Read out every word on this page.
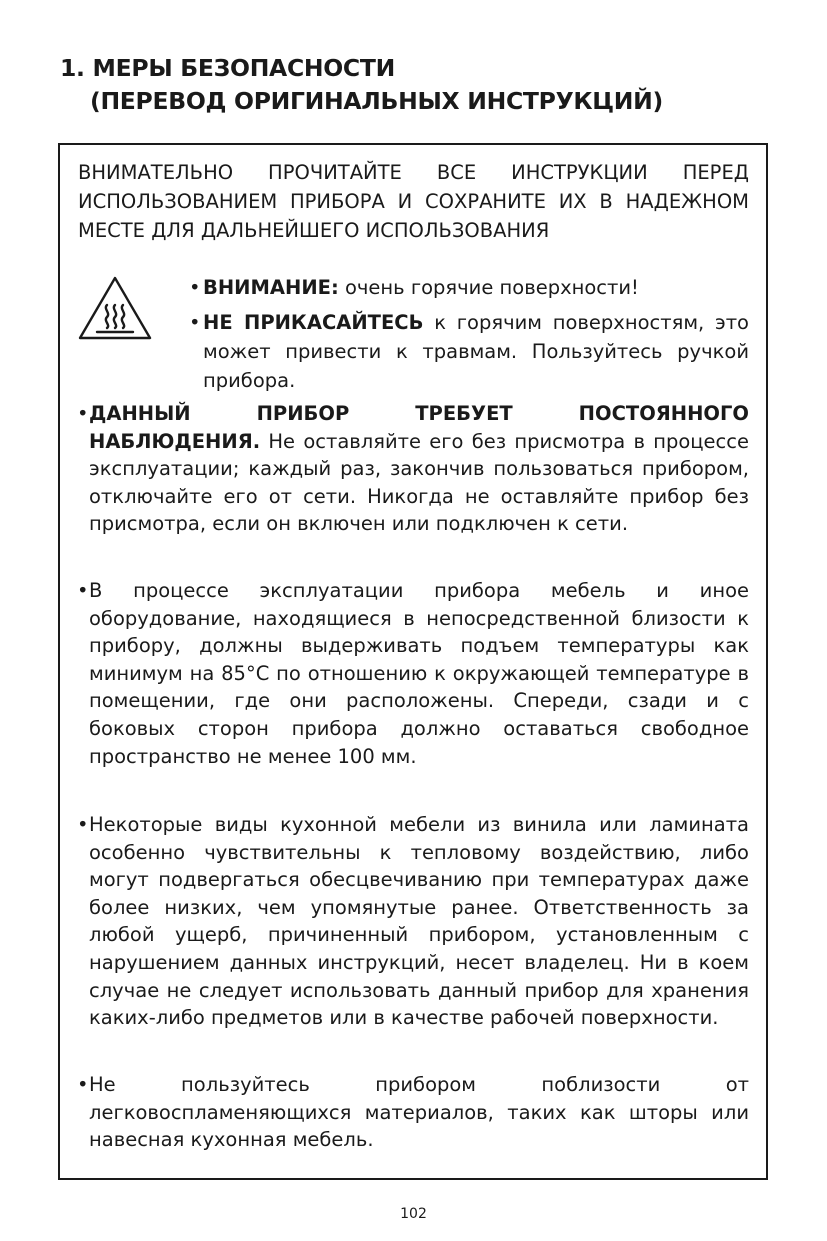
1. МЕРЫ БЕЗОПАСНОСТИ
(ПЕРЕВОД ОРИГИНАЛЬНЫХ ИНСТРУКЦИЙ)
ВНИМАТЕЛЬНО ПРОЧИТАЙТЕ ВСЕ ИНСТРУКЦИИ ПЕРЕД ИСПОЛЬЗОВАНИЕМ ПРИБОРА И СОХРАНИТЕ ИХ В НАДЕЖНОМ МЕСТЕ ДЛЯ ДАЛЬНЕЙШЕГО ИСПОЛЬЗОВАНИЯ
• ВНИМАНИЕ: очень горячие поверхности!
• НЕ ПРИКАСАЙТЕСЬ к горячим поверхностям, это может привести к травмам. Пользуйтесь ручкой прибора.
• ДАННЫЙ ПРИБОР ТРЕБУЕТ ПОСТОЯННОГО НАБЛЮДЕНИЯ. Не оставляйте его без присмотра в процессе эксплуатации; каждый раз, закончив пользоваться прибором, отключайте его от сети. Никогда не оставляйте прибор без присмотра, если он включен или подключен к сети.
• В процессе эксплуатации прибора мебель и иное оборудование, находящиеся в непосредственной близости к прибору, должны выдерживать подъем температуры как минимум на 85°C по отношению к окружающей температуре в помещении, где они расположены. Спереди, сзади и с боковых сторон прибора должно оставаться свободное пространство не менее 100 мм.
• Некоторые виды кухонной мебели из винила или ламината особенно чувствительны к тепловому воздействию, либо могут подвергаться обесцвечиванию при температурах даже более низких, чем упомянутые ранее. Ответственность за любой ущерб, причиненный прибором, установленным с нарушением данных инструкций, несет владелец. Ни в коем случае не следует использовать данный прибор для хранения каких-либо предметов или в качестве рабочей поверхности.
• Не пользуйтесь прибором поблизости от легковоспламеняющихся материалов, таких как шторы или навесная кухонная мебель.
102
